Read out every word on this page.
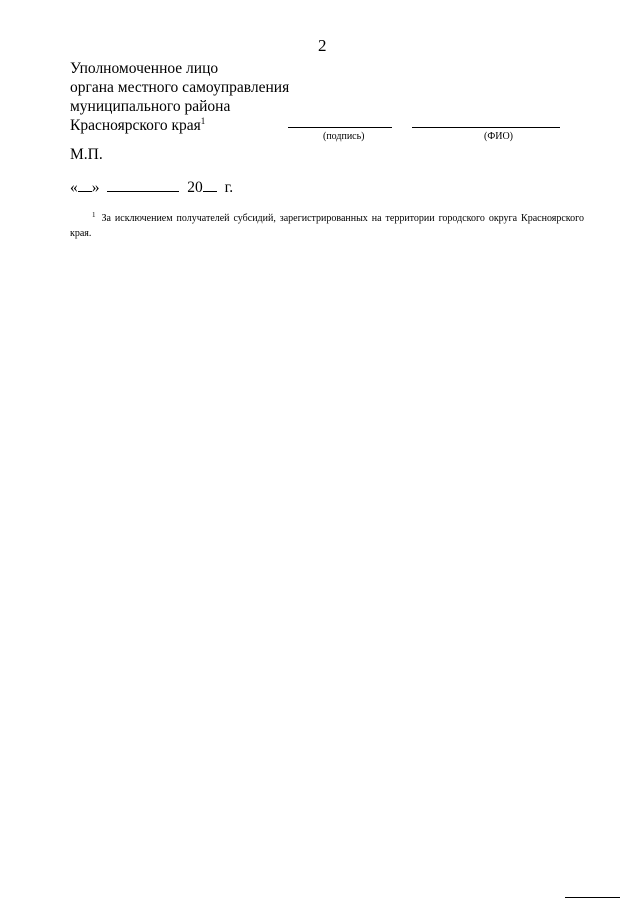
2
Уполномоченное лицо
органа местного самоуправления
муниципального района
Красноярского края$^1$
(подпись)	(ФИО)
М.П.
« »	20 г.
$^1$ За исключением получателей субсидий, зарегистрированных на территории городского округа Красноярского края.
